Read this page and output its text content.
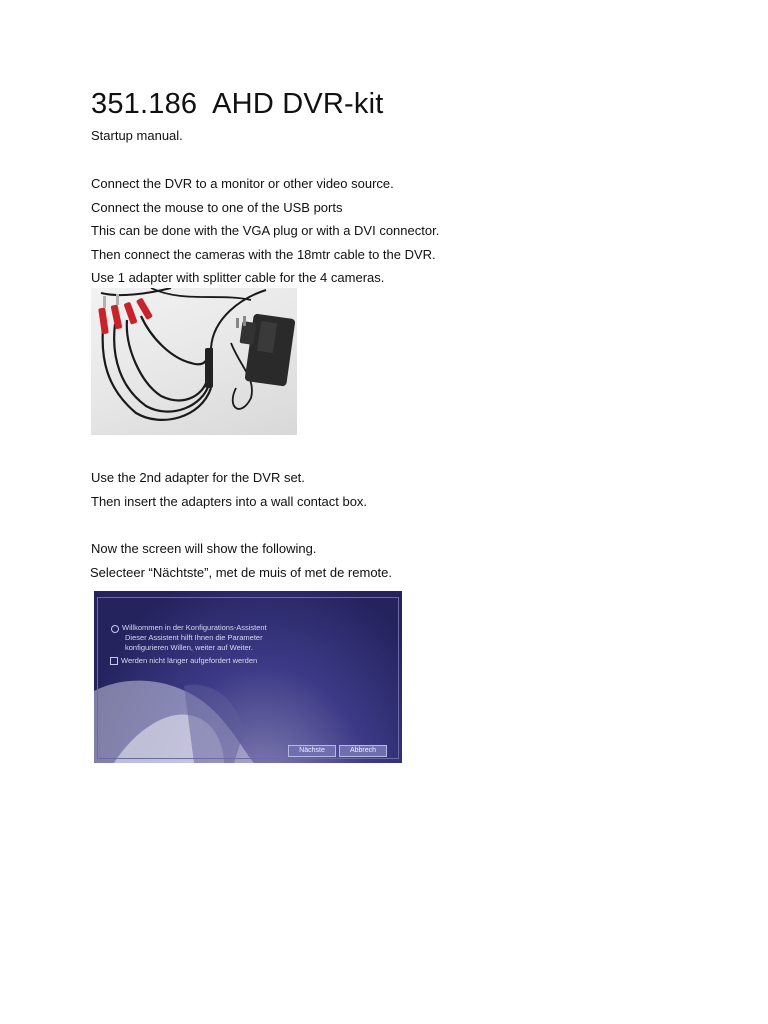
351.186  AHD DVR-kit
Startup manual.
Connect the DVR to a monitor or other video source.
Connect the mouse to one of the USB ports
This can be done with the VGA plug or with a DVI connector.
Then connect the cameras with the 18mtr cable to the DVR.
Use 1 adapter with splitter cable for the 4 cameras.
Use the 2nd adapter for the DVR set.
Then insert the adapters into a wall contact box.
Now the screen will show the following.
Selecteer “Nächtste”, met de muis of met de remote.
Willkommen in der Konfigurations-Assistent
Dieser Assistent hilft Ihnen die Parameter
konfigurieren Willen, weiter auf Weiter.
Werden nicht länger aufgefordert werden
Nächste	Abbrech
